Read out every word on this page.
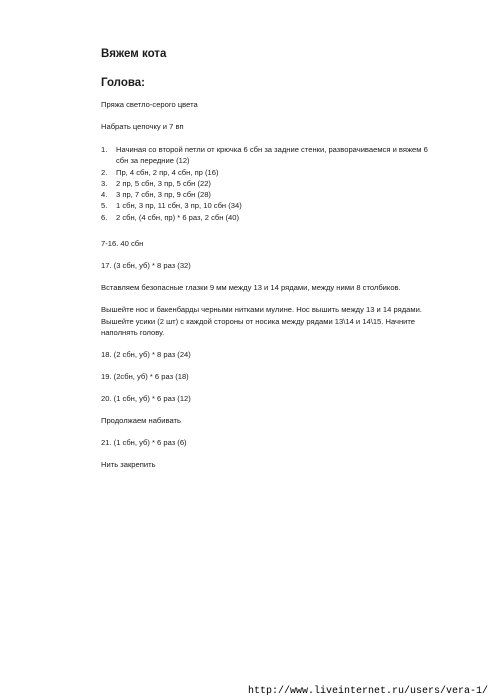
Вяжем кота
Голова:
Пряжа светло-серого цвета
Набрать цепочку и 7 вп
1. Начиная со второй петли от крючка 6 сбн за задние стенки, разворачиваемся и вяжем 6
сбн за передние (12)
2. Пр, 4 сбн, 2 пр, 4 сбн, пр (16)
3. 2 пр, 5 сбн, 3 пр, 5 сбн (22)
4. 3 пр, 7 сбн, 3 пр, 9 сбн (28)
5. 1 сбн, 3 пр, 11 сбн, 3 пр, 10 сбн (34)
6. 2 сбн, (4 сбн, пр) * 6 раз, 2 сбн (40)
7-16. 40 сбн
17. (3 сбн, уб) * 8 раз (32)
Вставляем безопасные глазки 9 мм между 13 и 14 рядами, между ними 8 столбиков.
Вышейте нос и бакенбарды черными нитками мулине. Нос вышить между 13 и 14 рядами.
Вышейте усики (2 шт) с каждой стороны от носика между рядами 13\14 и 14\15. Начните
наполнять голову.
18. (2 сбн, уб) * 8 раз (24)
19. (2сбн, уб) * 6 раз (18)
20. (1 сбн, уб) * 6 раз (12)
Продолжаем набивать
21. (1 сбн, уб) * 6 раз (6)
Нить закрепить
http://www.liveinternet.ru/users/vera-1/
